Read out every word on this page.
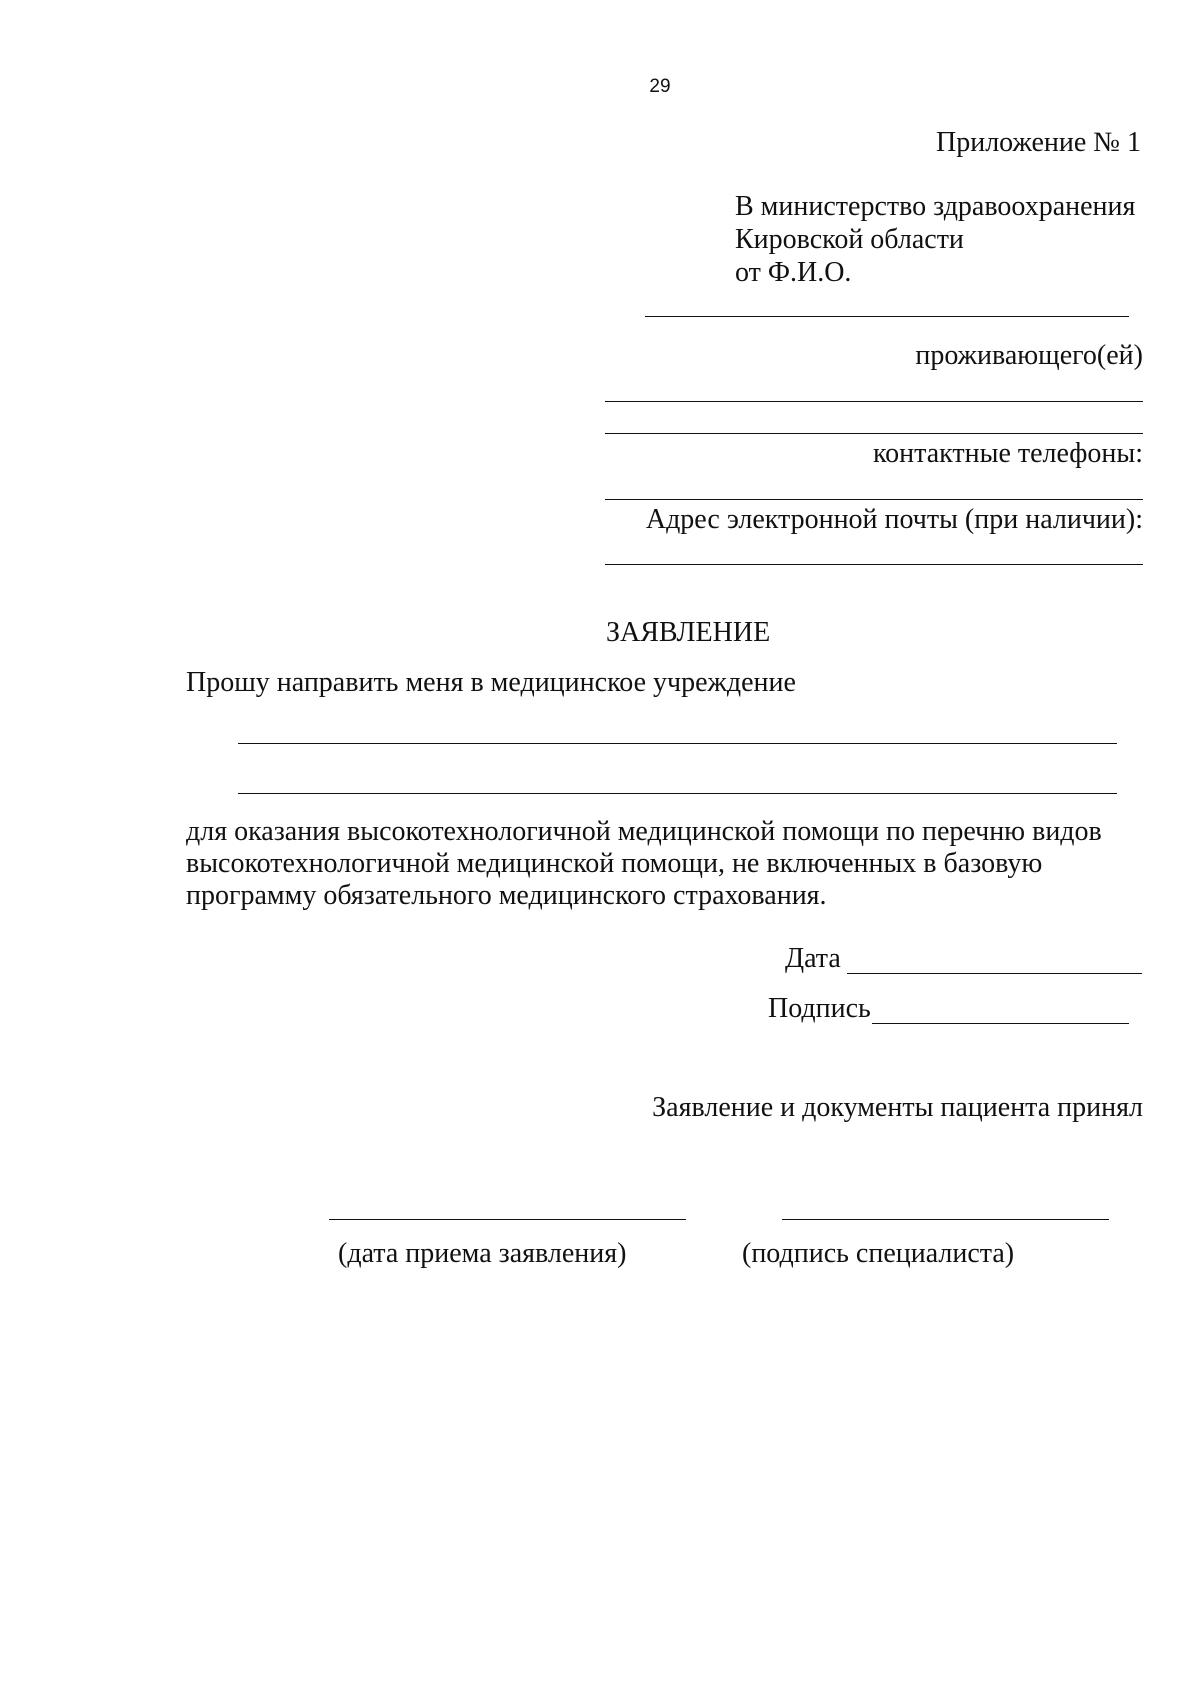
29
Приложение № 1
В министерство здравоохранения
Кировской области
от Ф.И.О.
проживающего(ей)
контактные телефоны:
Адрес электронной почты (при наличии):
ЗАЯВЛЕНИЕ
Прошу направить меня в медицинское учреждение
для оказания высокотехнологичной медицинской помощи по перечню видов
высокотехнологичной медицинской помощи, не включенных в базовую
программу обязательного медицинского страхования.
Дата
Подпись
Заявление и документы пациента принял
(дата приема заявления)	(подпись специалиста)
